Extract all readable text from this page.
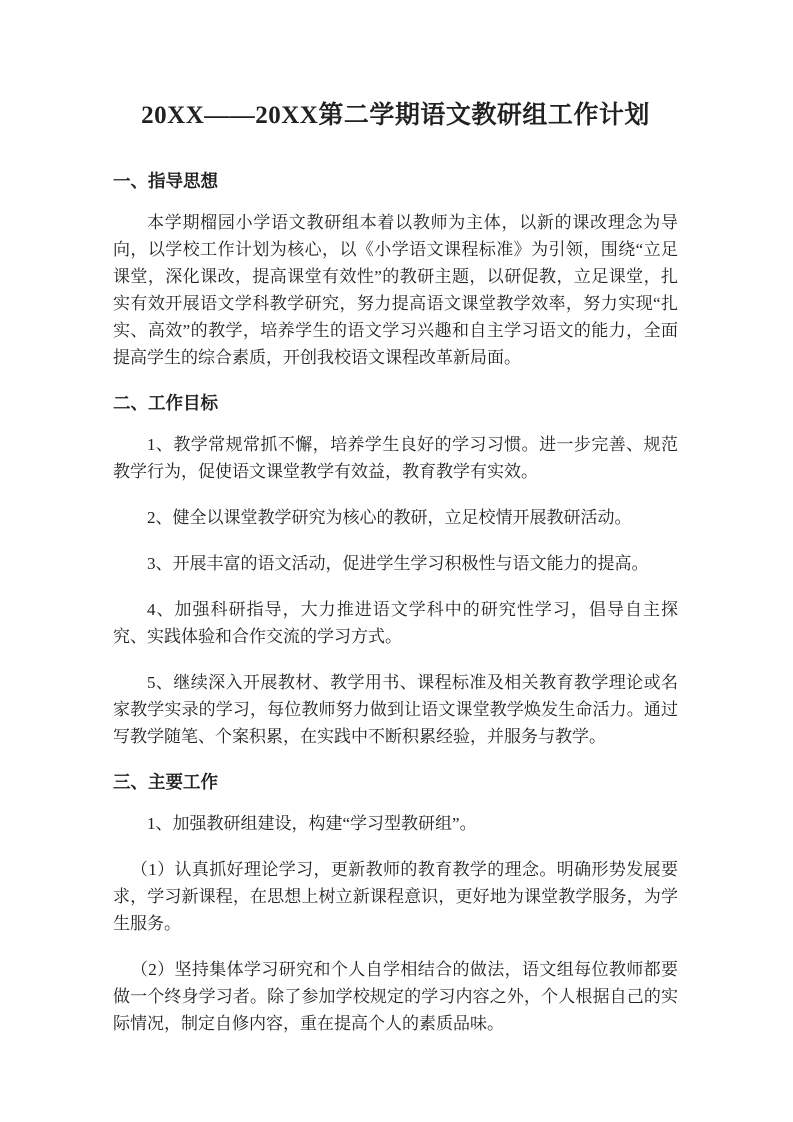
20XX——20XX第二学期语文教研组工作计划
一、指导思想

本学期榴园小学语文教研组本着以教师为主体，以新的课改理念为导向，以学校工作计划为核心，以《小学语文课程标准》为引领，围绕“立足课堂，深化课改，提高课堂有效性”的教研主题，以研促教，立足课堂，扎实有效开展语文学科教学研究，努力提高语文课堂教学效率，努力实现“扎实、高效”的教学，培养学生的语文学习兴趣和自主学习语文的能力，全面提高学生的综合素质，开创我校语文课程改革新局面。

二、工作目标

1、教学常规常抓不懈，培养学生良好的学习习惯。进一步完善、规范教学行为，促使语文课堂教学有效益，教育教学有实效。

2、健全以课堂教学研究为核心的教研，立足校情开展教研活动。

3、开展丰富的语文活动，促进学生学习积极性与语文能力的提高。

4、加强科研指导，大力推进语文学科中的研究性学习，倡导自主探究、实践体验和合作交流的学习方式。

5、继续深入开展教材、教学用书、课程标准及相关教育教学理论或名家教学实录的学习，每位教师努力做到让语文课堂教学焕发生命活力。通过写教学随笔、个案积累，在实践中不断积累经验，并服务与教学。

三、主要工作

1、加强教研组建设，构建“学习型教研组”。

（1）认真抓好理论学习，更新教师的教育教学的理念。明确形势发展要求，学习新课程，在思想上树立新课程意识，更好地为课堂教学服务，为学生服务。

（2）坚持集体学习研究和个人自学相结合的做法，语文组每位教师都要做一个终身学习者。除了参加学校规定的学习内容之外，个人根据自己的实际情况，制定自修内容，重在提高个人的素质品味。
